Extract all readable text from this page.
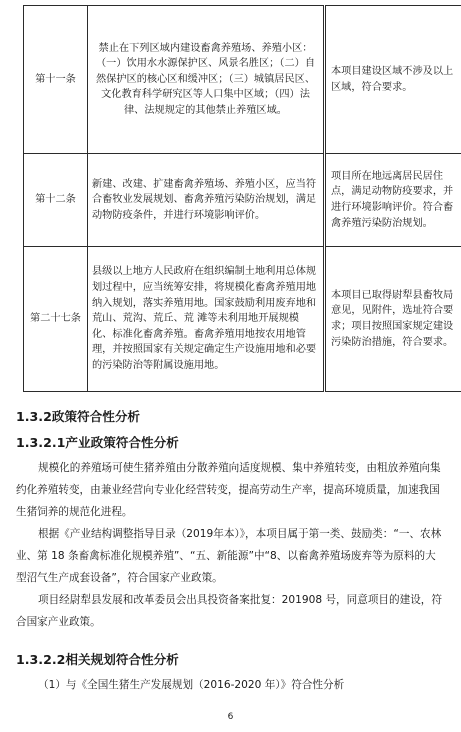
第十一条	禁止在下列区域内建设畜禽养殖场、养殖小区：（一）饮用水水源保护区、风景名胜区；（二）自然保护区的核心区和缓冲区；（三）城镇居民区、文化教育科学研究区等人口集中区域；（四）法律、法规规定的其他禁止养殖区域。	本项目建设区域不涉及以上区域，符合要求。
第十二条	新建、改建、扩建畜禽养殖场、养殖小区，应当符合畜牧业发展规划、畜禽养殖污染防治规划，满足动物防疫条件，并进行环境影响评价。	项目所在地远离居民居住点，满足动物防疫要求，并进行环境影响评价。符合畜禽养殖污染防治规划。
第二十七条	县级以上地方人民政府在组织编制土地利用总体规划过程中，应当统筹安排，将规模化畜禽养殖用地纳入规划，落实养殖用地。国家鼓励利用废弃地和荒山、荒沟、荒丘、荒 滩等未利用地开展规模化、标准化畜禽养殖。畜禽养殖用地按农用地管理，并按照国家有关规定确定生产设施用地和必要的污染防治等附属设施用地。	本项目已取得尉犁县畜牧局意见，见附件，选址符合要求；项目按照国家规定建设污染防治措施，符合要求。
1.3.2政策符合性分析
1.3.2.1产业政策符合性分析

规模化的养殖场可使生猪养殖由分散养殖向适度规模、集中养殖转变，由粗放养殖向集约化养殖转变，由兼业经营向专业化经营转变，提高劳动生产率，提高环境质量，加速我国生猪饲养的规范化进程。

根据《产业结构调整指导目录（2019年本）》，本项目属于第一类、鼓励类：“一、农林业、第 18 条畜禽标准化规模养殖”、“五、新能源”中“8、以畜禽养殖场废弃等为原料的大型沼气生产成套设备”，符合国家产业政策。

项目经尉犁县发展和改革委员会出具投资备案批复：201908 号，同意项目的建设，符合国家产业政策。

1.3.2.2相关规划符合性分析

（1）与《全国生猪生产发展规划（2016-2020 年）》符合性分析

6
